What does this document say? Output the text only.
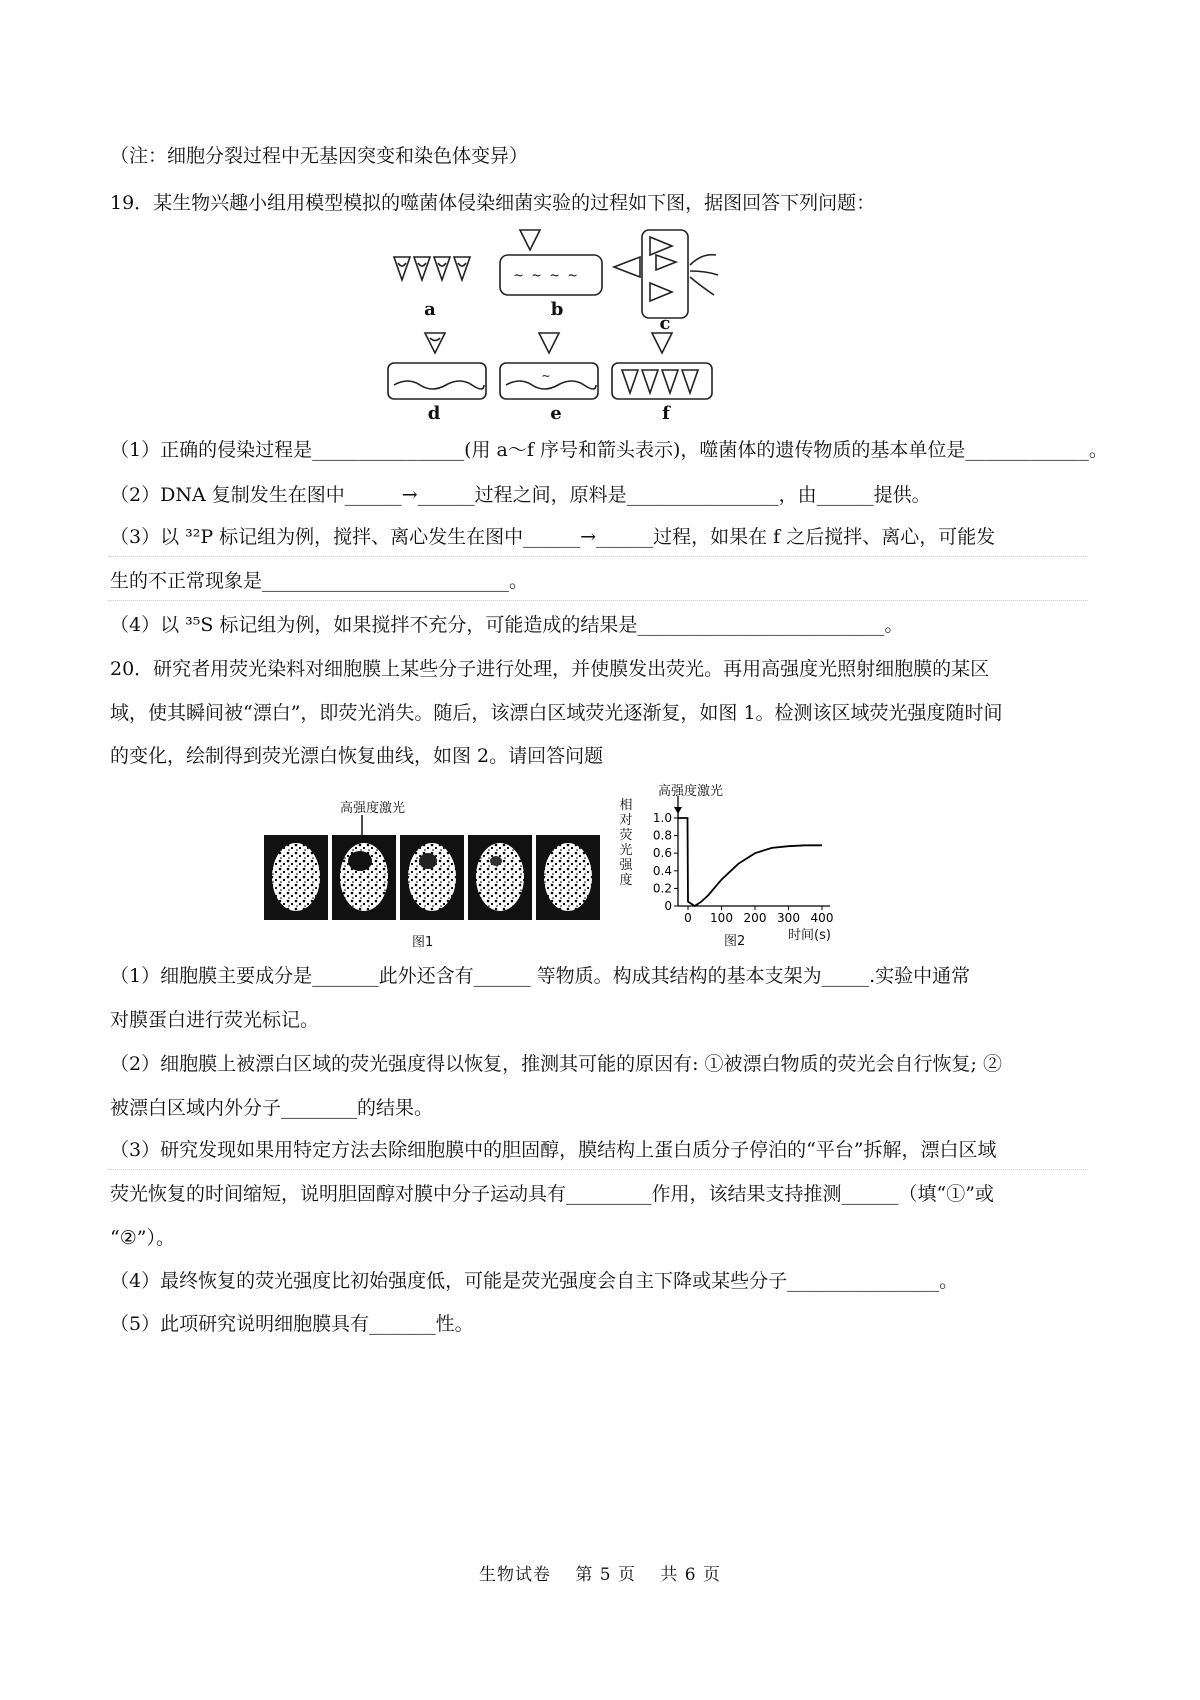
（注：细胞分裂过程中无基因突变和染色体变异）
19．某生物兴趣小组用模型模拟的噬菌体侵染细菌实验的过程如下图，据图回答下列问题：
~ ~ ~ ~
~
a	b
c
d	e	f
（1）正确的侵染过程是________________(用 a～f 序号和箭头表示)，噬菌体的遗传物质的基本单位是_____________。
（2）DNA 复制发生在图中______→______过程之间，原料是________________，由______提供。
（3）以 ³²P 标记组为例，搅拌、离心发生在图中______→______过程，如果在 f 之后搅拌、离心，可能发
生的不正常现象是__________________________。
（4）以 ³⁵S 标记组为例，如果搅拌不充分，可能造成的结果是__________________________。
20．研究者用荧光染料对细胞膜上某些分子进行处理，并使膜发出荧光。再用高强度光照射细胞膜的某区
域，使其瞬间被“漂白”，即荧光消失。随后，该漂白区域荧光逐渐复，如图 1。检测该区域荧光强度随时间
的变化，绘制得到荧光漂白恢复曲线，如图 2。请回答问题
高强度激光
图1
高强度激光
相
对
荧
光
强
度
1.0
0.8
0.6
0.4
0.2
0
0 100 200 300 400
时间(s)
图2
（1）细胞膜主要成分是_______此外还含有______ 等物质。构成其结构的基本支架为_____.实验中通常
对膜蛋白进行荧光标记。
（2）细胞膜上被漂白区域的荧光强度得以恢复，推测其可能的原因有: ①被漂白物质的荧光会自行恢复; ②
被漂白区域内外分子________的结果。
（3）研究发现如果用特定方法去除细胞膜中的胆固醇，膜结构上蛋白质分子停泊的“平台”拆解，漂白区域
荧光恢复的时间缩短，说明胆固醇对膜中分子运动具有_________作用，该结果支持推测______（填“①”或
“②”）。
（4）最终恢复的荧光强度比初始强度低，可能是荧光强度会自主下降或某些分子________________。
（5）此项研究说明细胞膜具有_______性。
生物试卷　 第 5 页　 共 6 页
